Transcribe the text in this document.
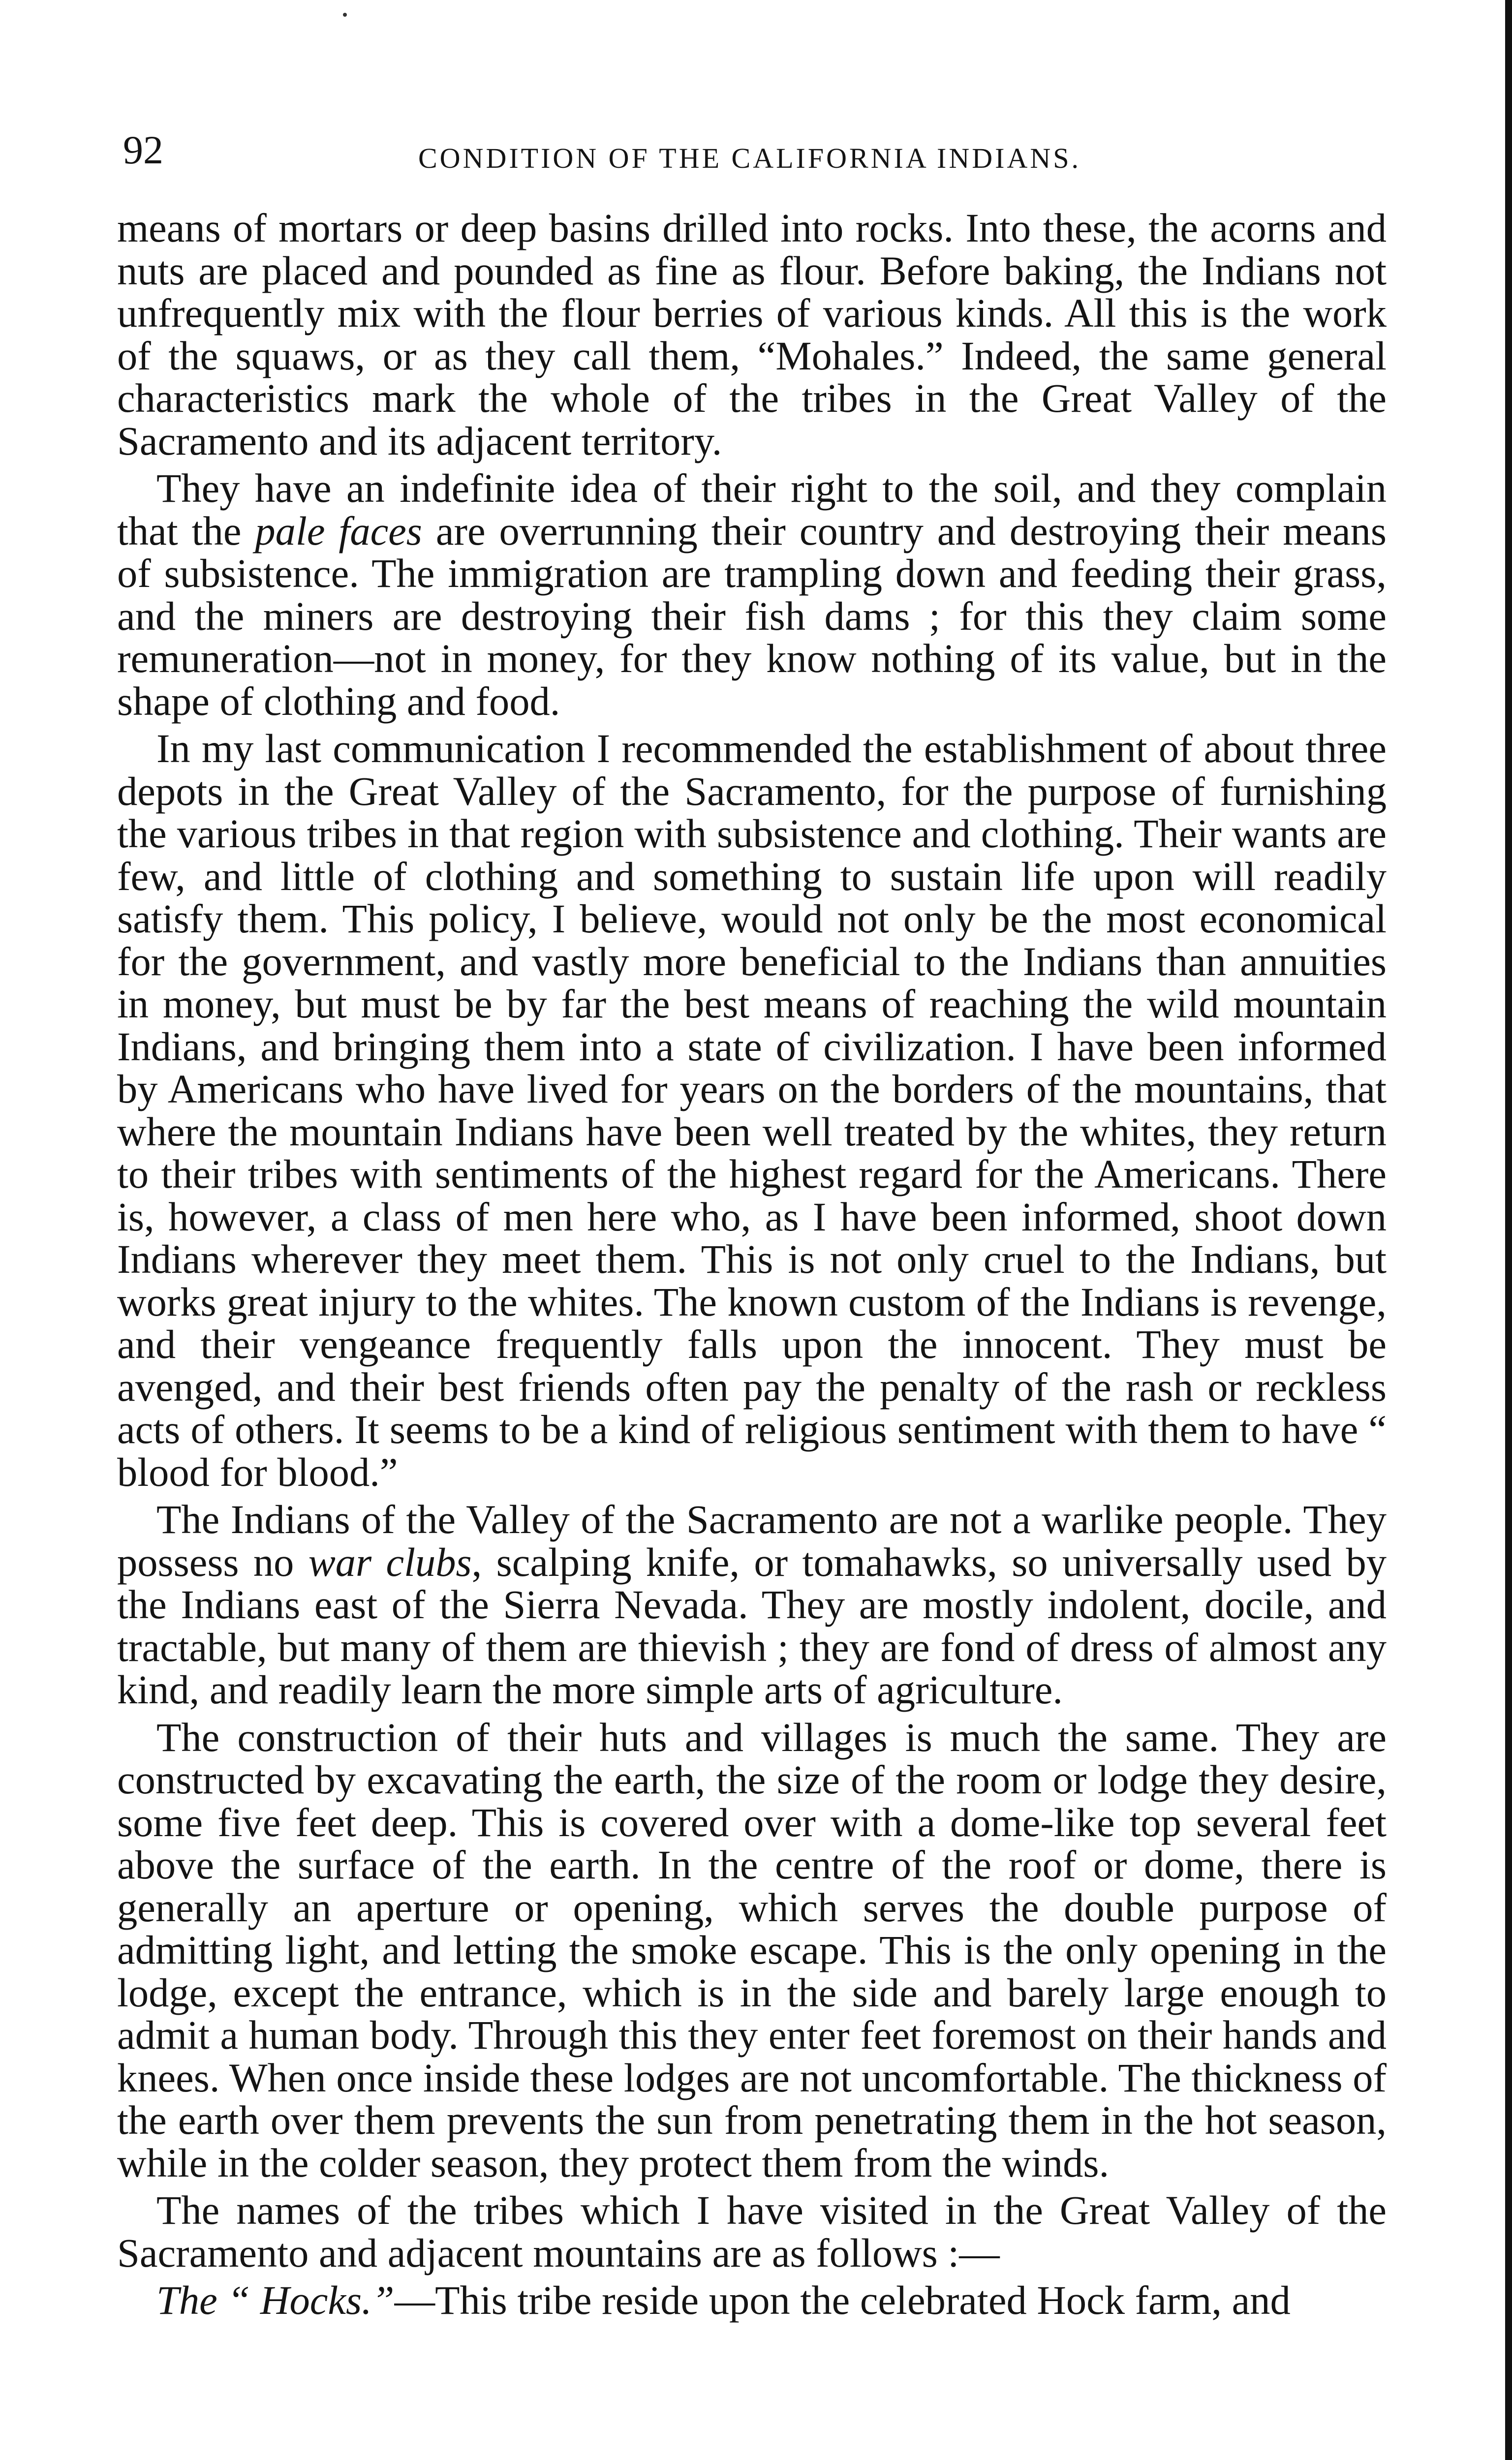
92	CONDITION OF THE CALIFORNIA INDIANS.

means of mortars or deep basins drilled into rocks. Into these, the acorns and nuts are placed and pounded as fine as flour. Before baking, the Indians not unfrequently mix with the flour berries of various kinds. All this is the work of the squaws, or as they call them, “Mohales.” Indeed, the same general characteristics mark the whole of the tribes in the Great Valley of the Sacramento and its adjacent territory.

They have an indefinite idea of their right to the soil, and they complain that the pale faces are overrunning their country and destroying their means of subsistence. The immigration are trampling down and feeding their grass, and the miners are destroying their fish dams ; for this they claim some remuneration—not in money, for they know nothing of its value, but in the shape of clothing and food.

In my last communication I recommended the establishment of about three depots in the Great Valley of the Sacramento, for the purpose of furnishing the various tribes in that region with subsistence and clothing. Their wants are few, and little of clothing and something to sustain life upon will readily satisfy them. This policy, I believe, would not only be the most economical for the government, and vastly more beneficial to the Indians than annuities in money, but must be by far the best means of reaching the wild mountain Indians, and bringing them into a state of civilization. I have been informed by Americans who have lived for years on the borders of the mountains, that where the mountain Indians have been well treated by the whites, they return to their tribes with sentiments of the highest regard for the Americans. There is, however, a class of men here who, as I have been informed, shoot down Indians wherever they meet them. This is not only cruel to the Indians, but works great injury to the whites. The known custom of the Indians is revenge, and their vengeance frequently falls upon the innocent. They must be avenged, and their best friends often pay the penalty of the rash or reckless acts of others. It seems to be a kind of religious sentiment with them to have “ blood for blood.”

The Indians of the Valley of the Sacramento are not a warlike people. They possess no war clubs, scalping knife, or tomahawks, so universally used by the Indians east of the Sierra Nevada. They are mostly indolent, docile, and tractable, but many of them are thievish ; they are fond of dress of almost any kind, and readily learn the more simple arts of agriculture.

The construction of their huts and villages is much the same. They are constructed by excavating the earth, the size of the room or lodge they desire, some five feet deep. This is covered over with a dome-like top several feet above the surface of the earth. In the centre of the roof or dome, there is generally an aperture or opening, which serves the double purpose of admitting light, and letting the smoke escape. This is the only opening in the lodge, except the entrance, which is in the side and barely large enough to admit a human body. Through this they enter feet foremost on their hands and knees. When once inside these lodges are not uncomfortable. The thickness of the earth over them prevents the sun from penetrating them in the hot season, while in the colder season, they protect them from the winds.

The names of the tribes which I have visited in the Great Valley of the Sacramento and adjacent mountains are as follows :—

The “ Hocks.”—This tribe reside upon the celebrated Hock farm, and
